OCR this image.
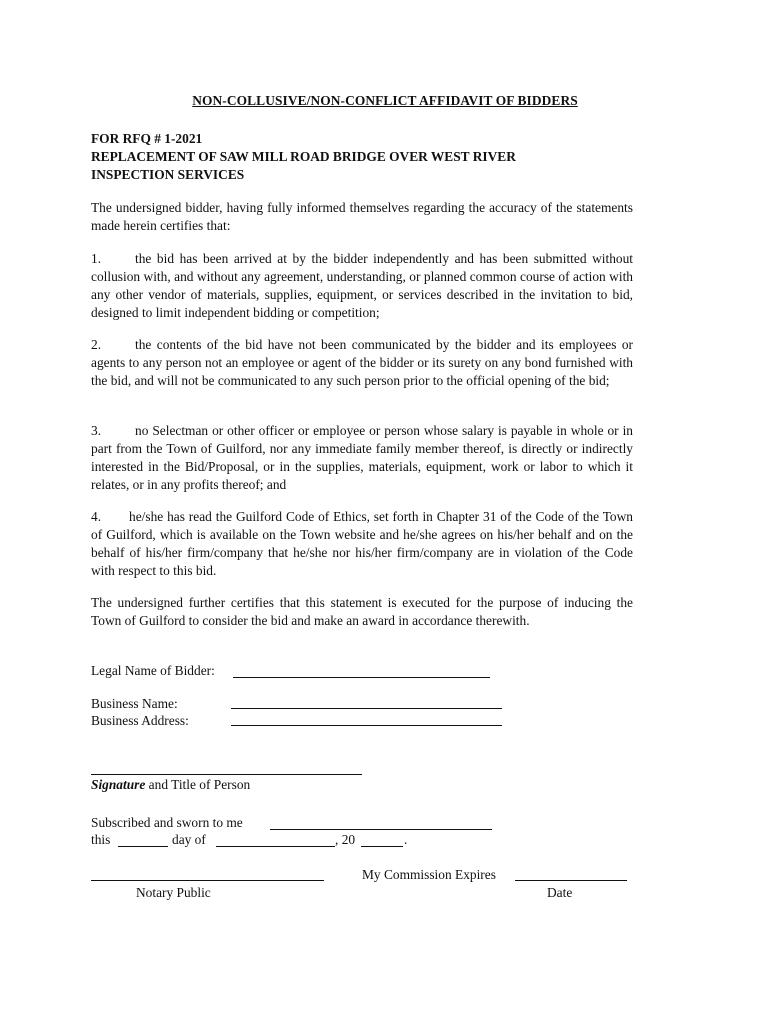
NON-COLLUSIVE/NON-CONFLICT AFFIDAVIT OF BIDDERS
FOR RFQ # 1-2021
REPLACEMENT OF SAW MILL ROAD BRIDGE OVER WEST RIVER
INSPECTION SERVICES
The undersigned bidder, having fully informed themselves regarding the accuracy of the statements made herein certifies that:
1.	the bid has been arrived at by the bidder independently and has been submitted without collusion with, and without any agreement, understanding, or planned common course of action with any other vendor of materials, supplies, equipment, or services described in the invitation to bid, designed to limit independent bidding or competition;
2.	the contents of the bid have not been communicated by the bidder and its employees or agents to any person not an employee or agent of the bidder or its surety on any bond furnished with the bid, and will not be communicated to any such person prior to the official opening of the bid;
3.	no Selectman or other officer or employee or person whose salary is payable in whole or in part from the Town of Guilford, nor any immediate family member thereof, is directly or indirectly interested in the Bid/Proposal, or in the supplies, materials, equipment, work or labor to which it relates, or in any profits thereof; and
4. he/she has read the Guilford Code of Ethics, set forth in Chapter 31 of the Code of the Town of Guilford, which is available on the Town website and he/she agrees on his/her behalf and on the behalf of his/her firm/company that he/she nor his/her firm/company are in violation of the Code with respect to this bid.
The undersigned further certifies that this statement is executed for the purpose of inducing the Town of Guilford to consider the bid and make an award in accordance therewith.
Legal Name of Bidder:
Business Name:
Business Address:
Signature and Title of Person
Subscribed and sworn to me
this	day of	, 20	.
Notary Public
My Commission Expires
Date
